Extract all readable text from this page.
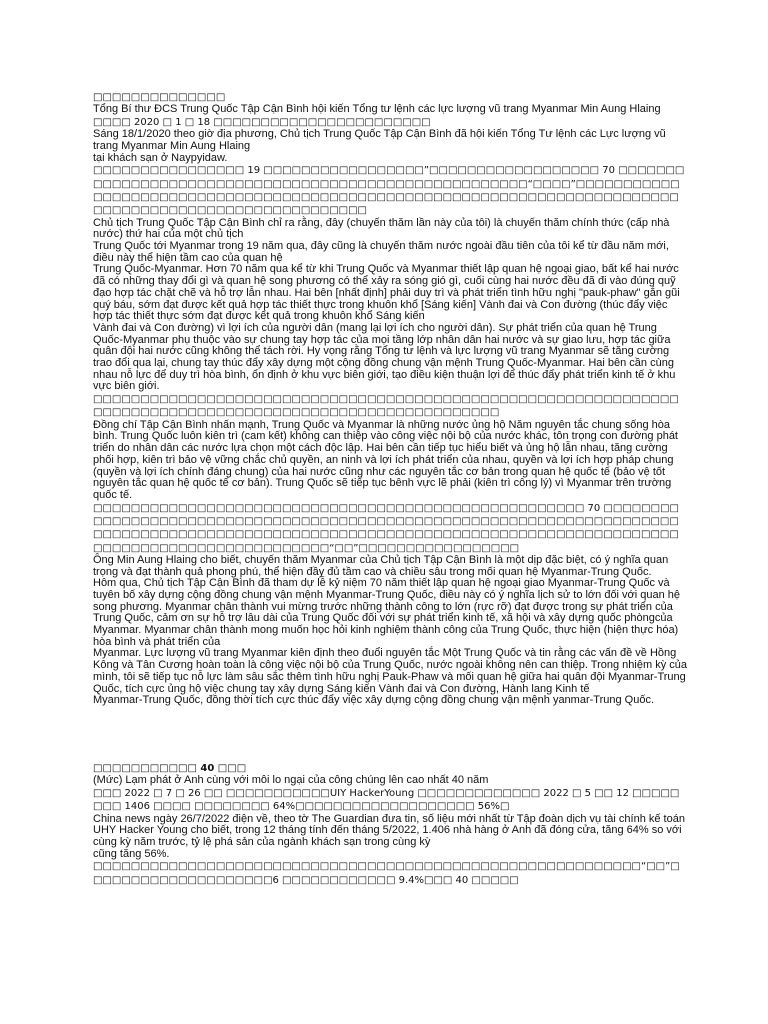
□□□□□□□□□□□□□□

Tổng Bí thư ĐCS Trung Quốc Tập Cận Bình hội kiến Tổng tư lệnh các lực lượng vũ trang Myanmar Min Aung Hlaing

□□□□ 2020 □ 1 □ 18 □□□□□□□□□□□□□□□□□□□□□□□

Sáng 18/1/2020 theo giờ địa phương, Chủ tịch Trung Quốc Tập Cận Bình đã hội kiến Tổng Tư lệnh các Lực lượng vũ trang Myanmar Min Aung Hlaing

tại khách sạn ở Naypyidaw.

□□□□□□□□□□□□□□□□ 19 □□□□□□□□□□□□□□□□□”□□□□□□□□□□□□□□□□□□ 70 □□□□□□□□□□□□□□□□□□□□□□□□□□□□□□□□□□□□□□□□□□□□□□□□□□□□□“□□□□”□□□□□□□□□□□□□□□□□□□□□□□□□□□□□□□□□□□□□□□□□□□□□□□□□□□□□□□□□□□□□□□□□□□□□□□□□□□□□□□□□□□□□□□□□□□□□□□□□□□□□□

Chủ tịch Trung Quốc Tập Cận Bình chỉ ra rằng, đây (chuyến thăm lần này của tôi) là chuyến thăm chính thức (cấp nhà nước) thứ hai của một chủ tịch

Trung Quốc tới Myanmar trong 19 năm qua, đây cũng là chuyến thăm nước ngoài đầu tiên của tôi kể từ đầu năm mới, điều này thể hiện tầm cao của quan hệ

Trung Quốc-Myanmar. Hơn 70 năm qua kể từ khi Trung Quốc và Myanmar thiết lập quan hệ ngoại giao, bất kể hai nước đã có những thay đổi gì và quan hệ song phương có thể xảy ra sóng gió gì, cuối cùng hai nước đều đã đi vào đúng quỹ đạo hợp tác chặt chẽ và hỗ trợ lẫn nhau. Hai bên [nhất định] phải duy trì và phát triển tình hữu nghị "pauk-phaw" gắn gũi quý báu, sớm đạt được kết quả hợp tác thiết thực trong khuôn khổ [Sáng kiến] Vành đai và Con đường (thúc đẩy việc hợp tác thiết thực sớm đạt được kết quả trong khuôn khổ Sáng kiến

Vành đai và Con đường) vì lợi ích của người dân (mang lại lợi ích cho người dân). Sự phát triển của quan hệ Trung Quốc-Myanmar phụ thuộc vào sự chung tay hợp tác của mọi tầng lớp nhân dân hai nước và sự giao lưu, hợp tác giữa quân đội hai nước cũng không thể tách rời. Hy vọng rằng Tổng tư lệnh và lực lượng vũ trang Myanmar sẽ tăng cường trao đổi qua lại, chung tay thúc đẩy xây dựng một cộng đồng chung vận mệnh Trung Quốc-Myanmar. Hai bên cần cùng nhau nỗ lực để duy trì hòa bình, ổn định ở khu vực biên giới, tạo điều kiện thuận lợi để thúc đẩy phát triển kinh tế ở khu vực biên giới.

□□□□□□□□□□□□□□□□□□□□□□□□□□□□□□□□□□□□□□□□□□□□□□□□□□□□□□□□□□□□□□□□□□□□□□□□□□□□□□□□□□□□□□□□□□□□□□□□□□□□□□□□□

Đồng chí Tập Cận Bình nhấn mạnh, Trung Quốc và Myanmar là những nước ủng hộ Năm nguyên tắc chung sống hòa bình. Trung Quốc luôn kiên trì (cam kết) không can thiệp vào công việc nội bộ của nước khác, tôn trọng con đường phát triển do nhân dân các nước lựa chọn một cách độc lập. Hai bên cần tiếp tục hiểu biết và ủng hộ lẫn nhau, tăng cường phối hợp, kiên trì bảo vệ vững chắc chủ quyền, an ninh và lợi ích phát triển của nhau, quyền và lợi ích hợp pháp chung (quyền và lợi ích chính đáng chung) của hai nước cũng như các nguyên tắc cơ bản trong quan hệ quốc tế (bảo vệ tốt nguyên tắc quan hệ quốc tế cơ bản). Trung Quốc sẽ tiếp tục bênh vực lẽ phải (kiên trì công lý) vì Myanmar trên trường quốc tế.

□□□□□□□□□□□□□□□□□□□□□□□□□□□□□□□□□□□□□□□□□□□□□□□□□□□□ 70 □□□□□□□□□□□□□□□□□□□□□□□□□□□□□□□□□□□□□□□□□□□□□□□□□□□□□□□□□□□□□□□□□□□□□□□□□□□□□□□□□□□□□□□□□□□□□□□□□□□□□□□□□□□□□□□□□□□□□□□□□□□□□□□□□□□□□□□□□□□□□□□□□□□□□□□□□□□□□“□□”□□□□□□□□□□□□□□□□□

Ông Min Aung Hlaing cho biết, chuyến thăm Myanmar của Chủ tịch Tập Cận Bình là một dịp đặc biệt, có ý nghĩa quan trọng và đạt thành quả phong phú, thể hiện đầy đủ tầm cao và chiều sâu trong mối quan hệ Myanmar-Trung Quốc.

Hôm qua, Chủ tịch Tập Cận Bình đã tham dự lễ kỷ niệm 70 năm thiết lập quan hệ ngoại giao Myanmar-Trung Quốc và tuyên bố xây dựng cộng đồng chung vận mệnh Myanmar-Trung Quốc, điều này có ý nghĩa lịch sử to lớn đối với quan hệ song phương. Myanmar chân thành vui mừng trước những thành công to lớn (rực rỡ) đạt được trong sự phát triển của Trung Quốc, cảm ơn sự hỗ trợ lâu dài của Trung Quốc đối với sự phát triển kinh tế, xã hội và xây dựng quốc phòngcủa Myanmar. Myanmar chân thành mong muốn học hỏi kinh nghiệm thành công của Trung Quốc, thực hiện (hiện thực hóa) hòa bình và phát triển của

Myanmar. Lực lượng vũ trang Myanmar kiên định theo đuổi nguyên tắc Một Trung Quốc và tin rằng các vấn đề về Hồng Kông và Tân Cương hoàn toàn là công việc nội bộ của Trung Quốc, nước ngoài không nên can thiệp. Trong nhiệm kỳ của mình, tôi sẽ tiếp tục nỗ lực làm sâu sắc thêm tình hữu nghị Pauk-Phaw và mối quan hệ giữa hai quân đội Myanmar-Trung Quốc, tích cực ủng hộ việc chung tay xây dựng Sáng kiến Vành đai và Con đường, Hành lang Kinh tế

Myanmar-Trung Quốc, đồng thời tích cực thúc đẩy việc xây dựng cộng đồng chung vận mệnh yanmar-Trung Quốc.

□□□□□□□□□□□ 40 □□□

(Mức) Lạm phát ở Anh cùng với môi lo ngại của công chúng lên cao nhất 40 năm

□□□ 2022 □ 7 □ 26 □□ □□□□□□□□□□□UIY HackerYoung □□□□□□□□□□□□□ 2022 □ 5 □□ 12 □□□□□□□□ 1406 □□□□ □□□□□□□□ 64%□□□□□□□□□□□□□□□□□□□ 56%□

China news ngày 26/7/2022 điện về, theo tờ The Guardian đưa tin, số liệu mới nhất từ Tập đoàn dịch vụ tài chính kế toán UHY Hacker Young cho biết, trong 12 tháng tính đến tháng 5/2022, 1.406 nhà hàng ở Anh đã đóng cửa, tăng 64% so với cùng kỳ năm trước, tỷ lệ phá sản của ngành khách sạn trong cùng kỳ

cũng tăng 56%.

□□□□□□□□□□□□□□□□□□□□□□□□□□□□□□□□□□□□□□□□□□□□□□□□□□□□□□□□□□“□□”□□□□□□□□□□□□□□□□□□□□6 □□□□□□□□□□□□ 9.4%□□□ 40 □□□□□
